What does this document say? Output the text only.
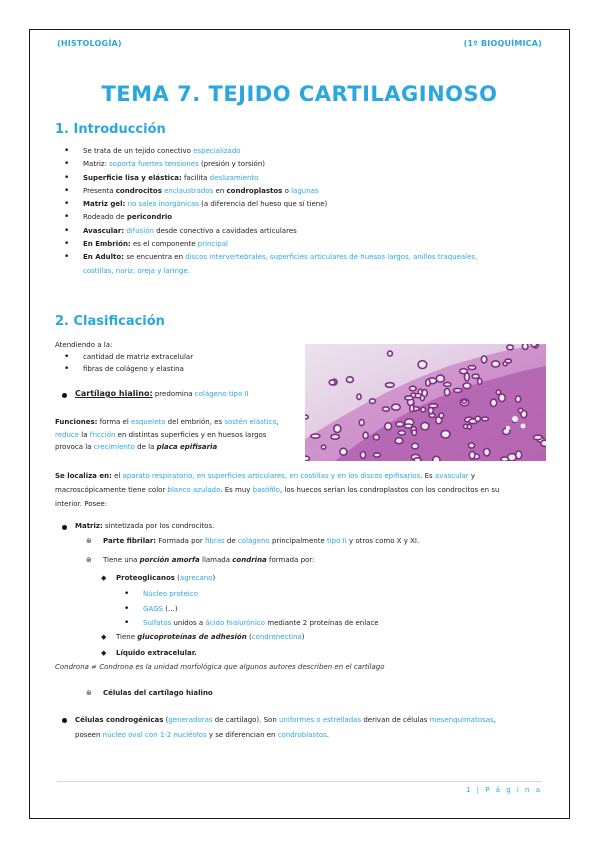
(HISTOLOGÍA)	(1º BIOQUÍMICA)
TEMA 7. TEJIDO CARTILAGINOSO
1. Introducción
• Se trata de un tejido conectivo especializado
• Matriz: soporta fuertes tensiones (presión y torsión)
• Superficie lisa y elástica: facilita deslizamiento
• Presenta condrocitos enclaustrados en condroplastos o lagunas
• Matriz gel: no sales inorgánicas (a diferencia del hueso que sí tiene)
• Rodeado de pericondrio
• Avascular: difusión desde conectivo a cavidades articulares
• En Embrión: es el componente principal
• En Adulto: se encuentra en discos intervertebrales, superficies articulares de huesos largos, anillos traqueales,
costillas, nariz, oreja y laringe.
2. Clasificación
Atendiendo a la:
• cantidad de matriz extracelular
• fibras de colágeno y elastina
Cartílago hialino: predomina colágeno tipo II
Funciones: forma el esqueleto del embrión, es sostén elástico,
reduce la fricción en distintas superficies y en huesos largos
provoca la crecimiento de la placa epifisaria
Se localiza en: el aparato respiratorio, en superficies articulares, en costillas y en los discos epifisarios. Es avascular y
macroscópicamente tiene color blanco azulado. Es muy basófilo, los huecos serían los condroplastos con los condrocitos en su
interior. Posee:
Matriz: sintetizada por los condrocitos.
⊛ Parte fibrilar: Formada por fibras de colágeno principalmente tipo II y otros como X y XI.
⊛ Tiene una porción amorfa llamada condrina formada por:
◆ Proteoglicanos (agrecano)
• Núcleo proteico
• GAGS (…)
• Sulfatos unidos a ácido hialurónico mediante 2 proteínas de enlace
◆ Tiene glucoproteínas de adhesión (condronectina)
◆ Líquido extracelular.
Condrona ≠ Condrona es la unidad morfológica que algunos autores describen en el cartílago
⊛ Células del cartílago hialino
Células condrogénicas (generadoras de cartílago). Son uniformes o estrelladas derivan de células mesenquimatosas,
poseen núcleo oval con 1-2 nucléolos y se diferencian en condroblastos.
1 | P á g i n a
